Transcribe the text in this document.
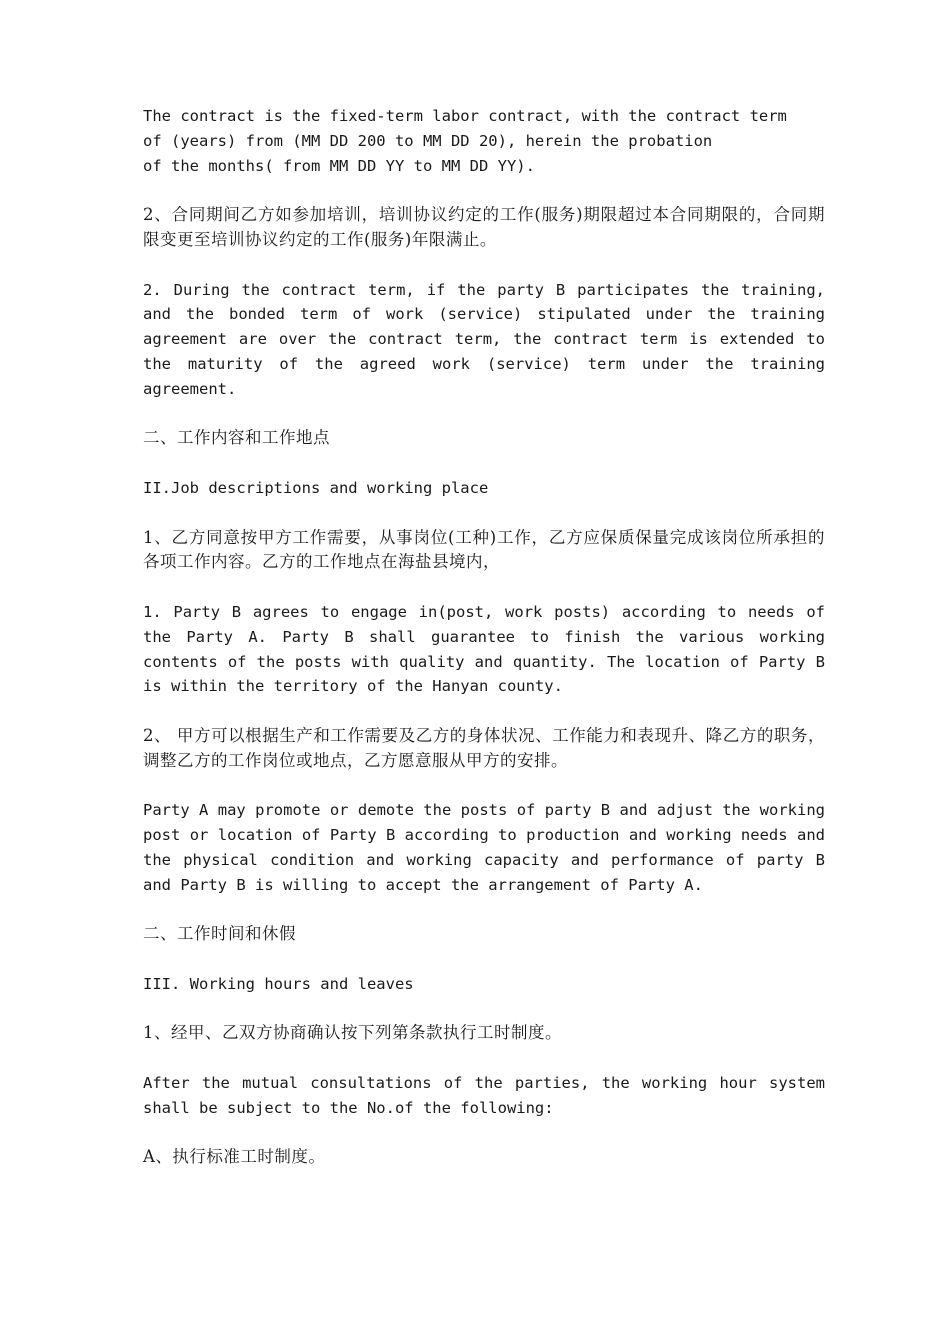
The contract is the fixed-term labor contract, with the contract term
of (years) from (MM DD 200 to MM DD 20), herein the probation
of the months( from MM DD YY to MM DD YY).
2、合同期间乙方如参加培训，培训协议约定的工作(服务)期限超过本合同期限的，合同期限变更至培训协议约定的工作(服务)年限满止。
2. During the contract term, if the party B participates the training, and the bonded term of work (service) stipulated under the training agreement are over the contract term, the contract term is extended to the maturity of the agreed work (service) term under the training agreement.
二、工作内容和工作地点
II.Job descriptions and working place
1、乙方同意按甲方工作需要，从事岗位(工种)工作，乙方应保质保量完成该岗位所承担的各项工作内容。乙方的工作地点在海盐县境内，
1. Party B agrees to engage in(post, work posts) according to needs of the Party A. Party B shall guarantee to finish the various working contents of the posts with quality and quantity. The location of Party B is within the territory of the Hanyan county.
2、 甲方可以根据生产和工作需要及乙方的身体状况、工作能力和表现升、降乙方的职务，调整乙方的工作岗位或地点，乙方愿意服从甲方的安排。
Party A may promote or demote the posts of party B and adjust the working post or location of Party B according to production and working needs and the physical condition and working capacity and performance of party B and Party B is willing to accept the arrangement of Party A.
二、工作时间和休假
III. Working hours and leaves
1、经甲、乙双方协商确认按下列第条款执行工时制度。
After the mutual consultations of the parties, the working hour system shall be subject to the No.of the following:
A、执行标准工时制度。
